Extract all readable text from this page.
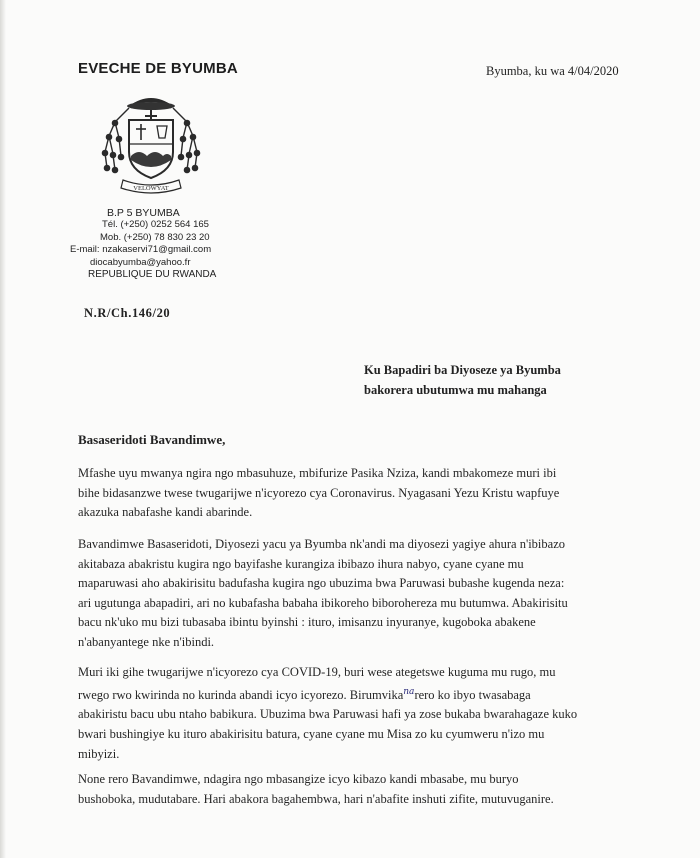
EVECHE DE BYUMBA	Byumba, ku wa 4/04/2020
VELOWYAT
B.P 5 BYUMBA
Tél. (+250) 0252 564 165
Mob. (+250) 78 830 23 20
E-mail: nzakaservi71@gmail.com
diocabyumba@yahoo.fr
REPUBLIQUE DU RWANDA
N.R/Ch.146/20
Ku Bapadiri ba Diyoseze ya Byumba
bakorera ubutumwa mu mahanga
Basaseridoti Bavandimwe,
Mfashe uyu mwanya ngira ngo mbasuhuze, mbifurize Pasika Nziza, kandi mbakomeze muri ibi
bihe bidasanzwe twese twugarijwe n'icyorezo cya Coronavirus. Nyagasani Yezu Kristu wapfuye
akazuka nabafashe kandi abarinde.
Bavandimwe Basaseridoti, Diyosezi yacu ya Byumba nk'andi ma diyosezi yagiye ahura n'ibibazo
akitabaza abakristu kugira ngo bayifashe kurangiza ibibazo ihura nabyo, cyane cyane mu
maparuwasi aho abakirisitu badufasha kugira ngo ubuzima bwa Paruwasi bubashe kugenda neza:
ari ugutunga abapadiri, ari no kubafasha babaha ibikoreho biborohereza mu butumwa. Abakirisitu
bacu nk'uko mu bizi tubasaba ibintu byinshi : ituro, imisanzu inyuranye, kugoboka abakene
n'abanyantege nke n'ibindi.
Muri iki gihe twugarijwe n'icyorezo cya COVID-19, buri wese ategetswe kuguma mu rugo, mu
rwego rwo kwirinda no kurinda abandi icyo icyorezo. Birumvika$^{na}$rero ko ibyo twasabaga
abakiristu bacu ubu ntaho babikura. Ubuzima bwa Paruwasi hafi ya zose bukaba bwarahagaze kuko
bwari bushingiye ku ituro abakirisitu batura, cyane cyane mu Misa zo ku cyumweru n'izo mu
mibyizi.
None rero Bavandimwe, ndagira ngo mbasangize icyo kibazo kandi mbasabe, mu buryo
bushoboka, mudutabare. Hari abakora bagahembwa, hari n'abafite inshuti zifite, mutuvuganire.
